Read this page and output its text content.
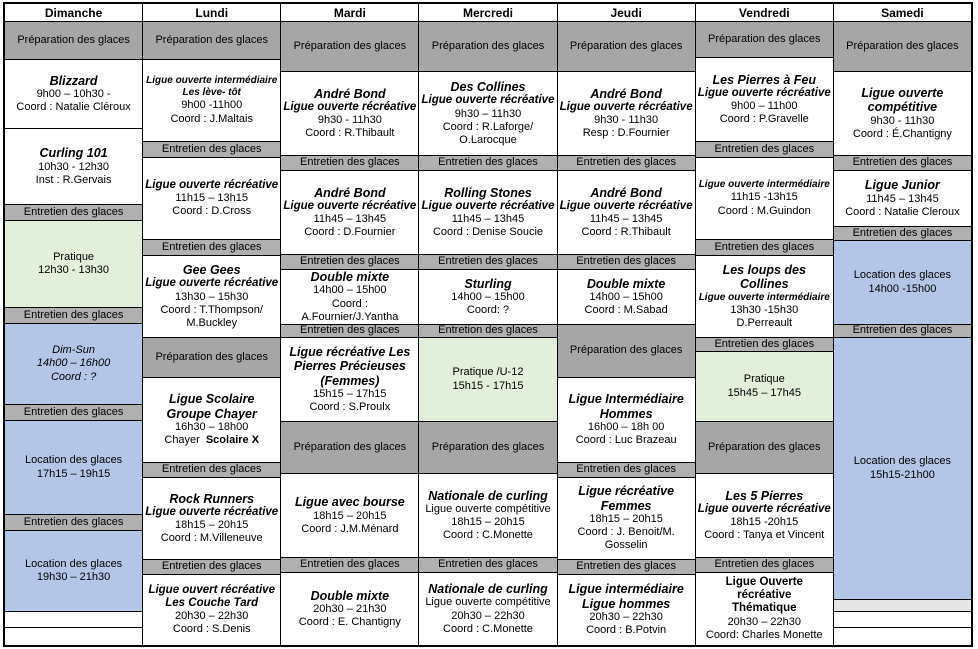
Dimanche
Préparation des glaces
Blizzard
9h00 – 10h30 -
Coord : Natalie Cléroux
Curling 101
10h30 - 12h30
Inst : R.Gervais
Entretien des glaces
Pratique
12h30 - 13h30
Entretien des glaces
Dim-Sun
14h00 – 16h00
Coord : ?
Entretien des glaces
Location des glaces
17h15 – 19h15
Entretien des glaces
Location des glaces
19h30 – 21h30
Lundi
Préparation des glaces
Ligue ouverte intermédiaire
Les lève- tôt
9h00 -11h00
Coord : J.Maltais
Entretien des glaces
Ligue ouverte récréative
11h15 – 13h15
Coord : D.Cross
Entretien des glaces
Gee Gees
Ligue ouverte récréative
13h30 – 15h30
Coord : T.Thompson/
M.Buckley
Préparation des glaces
Ligue Scolaire
Groupe Chayer
16h30 – 18h00
Chayer Scolaire X
Entretien des glaces
Rock Runners
Ligue ouverte récréative
18h15 – 20h15
Coord : M.Villeneuve
Entretien des glaces
Ligue ouvert récréative
Les Couche Tard
20h30 – 22h30
Coord : S.Denis
Mardi
Préparation des glaces
André Bond
Ligue ouverte récréative
9h30 - 11h30
Coord : R.Thibault
Entretien des glaces
André Bond
Ligue ouverte récréative
11h45 – 13h45
Coord : D.Fournier
Entretien des glaces
Double mixte
14h00 – 15h00
Coord :
A.Fournier/J.Yantha
Entretien des glaces
Ligue récréative Les Pierres Précieuses (Femmes)
15h15 – 17h15
Coord : S.Proulx
Préparation des glaces
Ligue avec bourse
18h15 – 20h15
Coord : J.M.Ménard
Entretien des glaces
Double mixte
20h30 – 21h30
Coord : E. Chantigny
Mercredi
Préparation des glaces
Des Collines
Ligue ouverte récréative
9h30 – 11h30
Coord : R.Laforge/
O.Larocque
Entretien des glaces
Rolling Stones
Ligue ouverte récréative
11h45 – 13h45
Coord : Denise Soucie
Entretien des glaces
Sturling
14h00 – 15h00
Coord: ?
Entretion des glaces
Pratique /U-12
15h15 - 17h15
Préparation des glaces
Nationale de curling
Ligue ouverte compétitive
18h15 – 20h15
Coord : C.Monette
Entretien des glaces
Nationale de curling
Ligue ouverte compétitive
20h30 – 22h30
Coord : C.Monette
Jeudi
Préparation des glaces
André Bond
Ligue ouverte récréative
9h30 - 11h30
Resp : D.Fournier
Entretien des glaces
André Bond
Ligue ouverte récréative
11h45 – 13h45
Coord : R.Thibault
Entretien des glaces
Double mixte
14h00 – 15h00
Coord : M.Sabad
Préparation des glaces
Ligue Intermédiaire
Hommes
16h00 – 18h 00
Coord : Luc Brazeau
Entretien des glaces
Ligue récréative
Femmes
18h15 – 20h15
Coord : J. Benoit/M.
Gosselin
Entretien des glaces
Ligue intermédiaire
Ligue hommes
20h30 – 22h30
Coord : B.Potvin
Vendredi
Préparation des glaces
Les Pierres à Feu
Ligue ouverte récréative
9h00 – 11h00
Coord : P.Gravelle
Entretien des glaces
Ligue ouverte intermédiaire
11h15 -13h15
Coord : M.Guindon
Entretien des glaces
Les loups des Collines
Ligue ouverte intermédiaire
13h30 -15h30
D.Perreault
Entretien des glaces
Pratique
15h45 – 17h45
Préparation des glaces
Les 5 Pierres
Ligue ouverte récréative
18h15 -20h15
Coord : Tanya et Vincent
Entretien des glaces
Ligue Ouverte récréative
Thématique
20h30 – 22h30
Coord: Charles Monette
Samedi
Préparation des glaces
Ligue ouverte
compétitive
9h30 - 11h30
Coord : É.Chantigny
Entretien des glaces
Ligue Junior
11h45 – 13h45
Coord : Natalie Cleroux
Entretien des glaces
Location des glaces
14h00 -15h00
Entretien des glaces
Location des glaces
15h15-21h00
